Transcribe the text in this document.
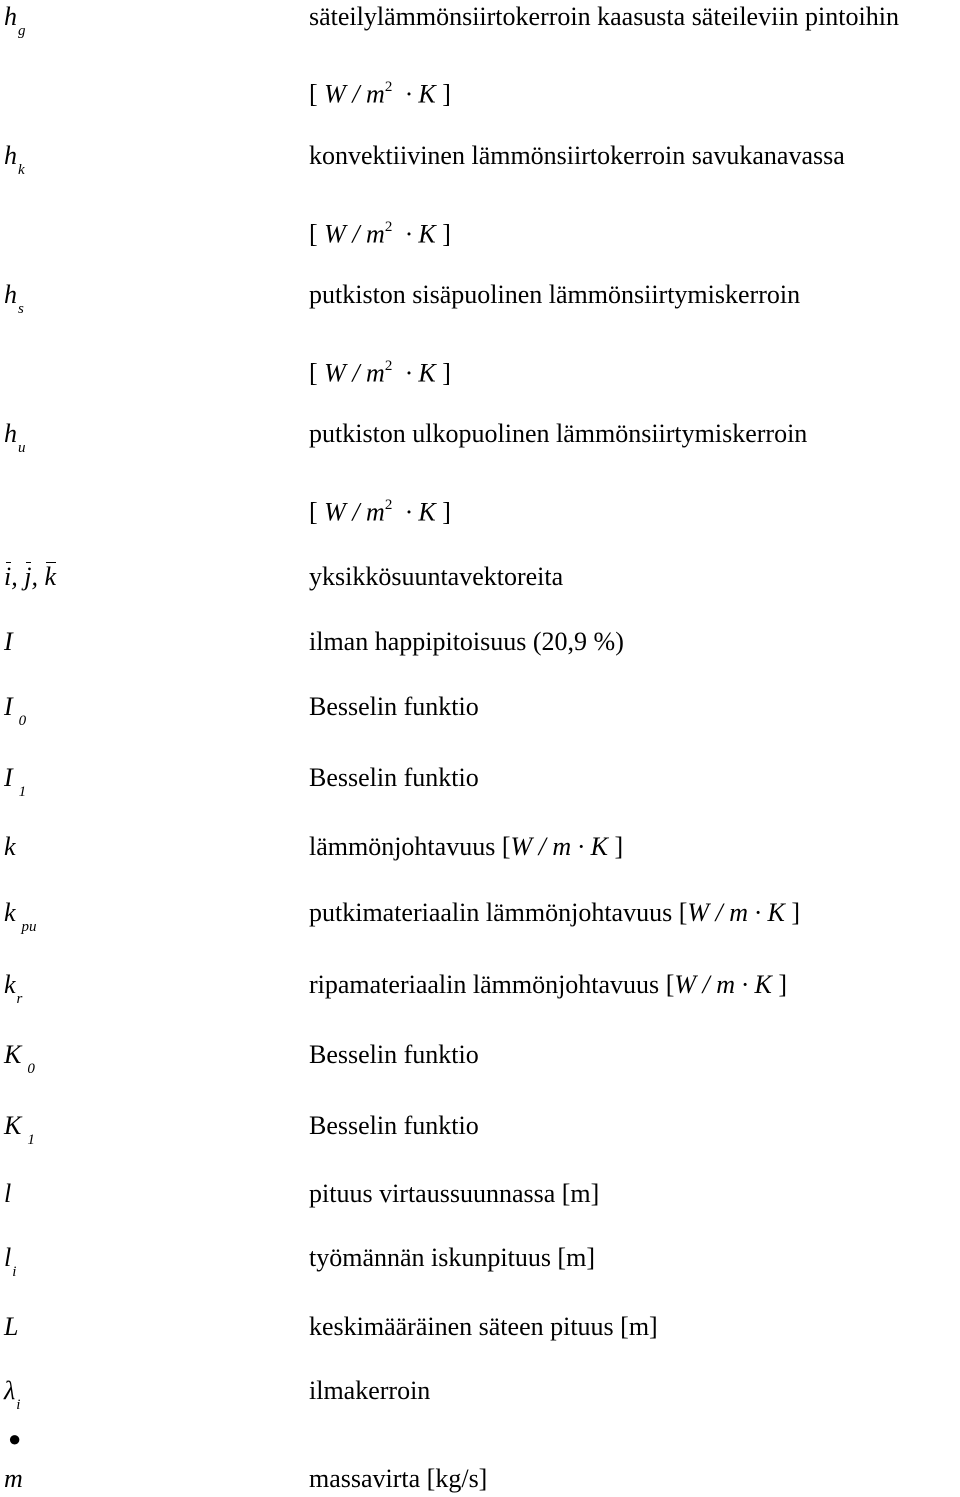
$h_g$	säteilylämmönsiirtokerroin kaasusta säteileviin pintoihin
[ $W / m^2 \cdot K$ ]
$h_k$	konvektiivinen lämmönsiirtokerroin savukanavassa
[ $W / m^2 \cdot K$ ]
$h_s$	putkiston sisäpuolinen lämmönsiirtymiskerroin
[ $W / m^2 \cdot K$ ]
$h_u$	putkiston ulkopuolinen lämmönsiirtymiskerroin
[ $W / m^2 \cdot K$ ]
i, j, k	yksikkösuuntavektoreita
I	ilman happipitoisuus (20,9 %)
I $_0$	Besselin funktio
I $_1$	Besselin funktio
k	lämmönjohtavuus [W / m · K ]
k $_{pu}$	putkimateriaalin lämmönjohtavuus [W / m · K ]
$k_r$	ripamateriaalin lämmönjohtavuus [W / m · K ]
K $_0$	Besselin funktio
K $_1$	Besselin funktio
l	pituus virtaussuunnassa [m]
$l_i$	työmännän iskunpituus [m]
L	keskimääräinen säteen pituus [m]
$\lambda_i$	ilmakerroin
●
m	massavirta [kg/s]
